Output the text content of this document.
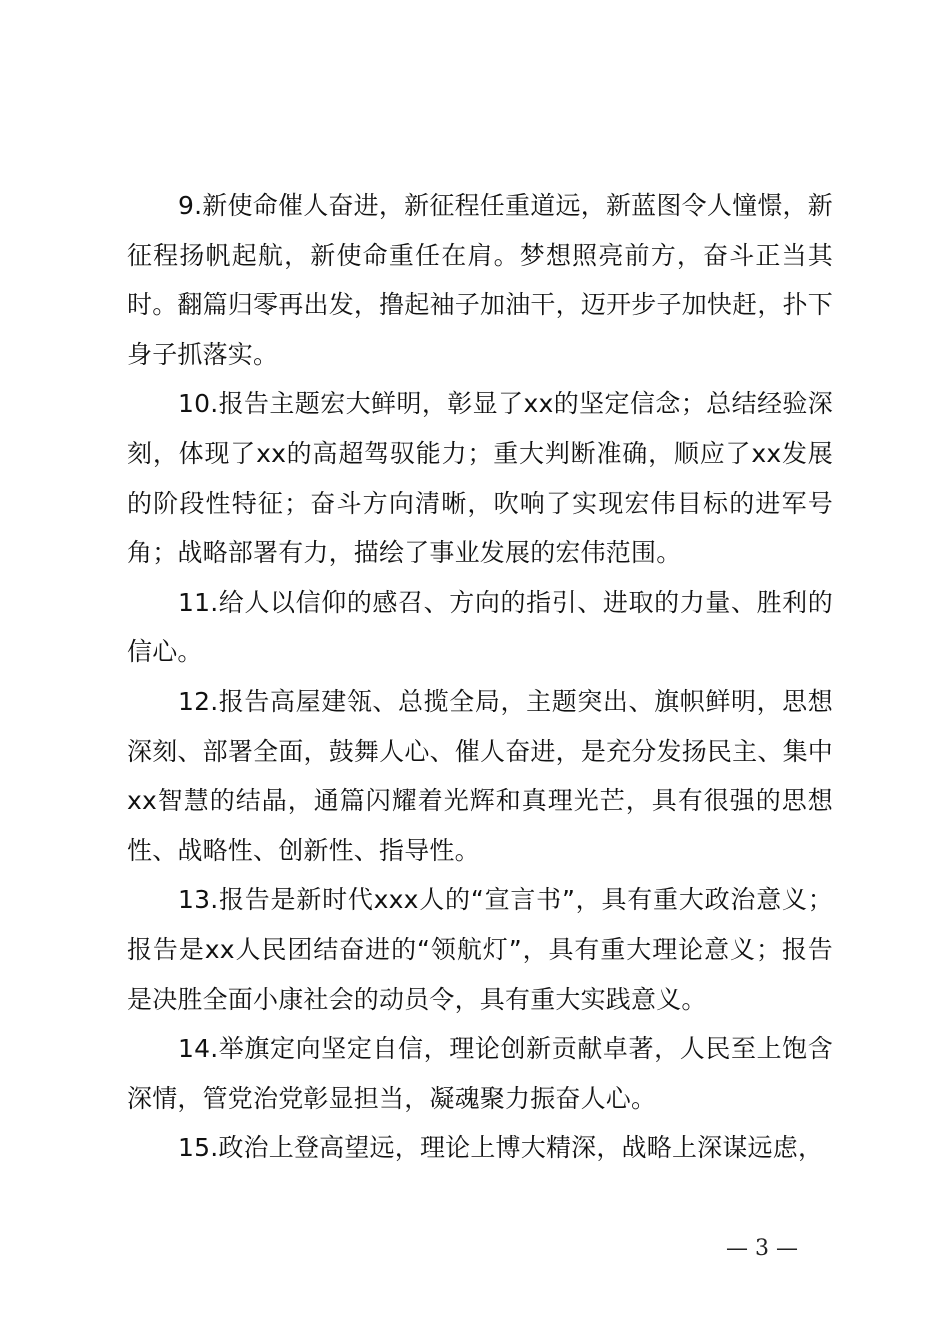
9.新使命催人奋进，新征程任重道远，新蓝图令人憧憬，新征程扬帆起航，新使命重任在肩。梦想照亮前方，奋斗正当其时。翻篇归零再出发，撸起袖子加油干，迈开步子加快赶，扑下身子抓落实。

10.报告主题宏大鲜明，彰显了xx的坚定信念；总结经验深刻，体现了xx的高超驾驭能力；重大判断准确，顺应了xx发展的阶段性特征；奋斗方向清晰，吹响了实现宏伟目标的进军号角；战略部署有力，描绘了事业发展的宏伟范围。

11.给人以信仰的感召、方向的指引、进取的力量、胜利的信心。

12.报告高屋建瓴、总揽全局，主题突出、旗帜鲜明，思想深刻、部署全面，鼓舞人心、催人奋进，是充分发扬民主、集中xx智慧的结晶，通篇闪耀着光辉和真理光芒，具有很强的思想性、战略性、创新性、指导性。

13.报告是新时代xxx人的“宣言书”，具有重大政治意义；报告是xx人民团结奋进的“领航灯”，具有重大理论意义；报告是决胜全面小康社会的动员令，具有重大实践意义。

14.举旗定向坚定自信，理论创新贡献卓著，人民至上饱含深情，管党治党彰显担当，凝魂聚力振奋人心。

15.政治上登高望远，理论上博大精深，战略上深谋远虑，

— 3 —
